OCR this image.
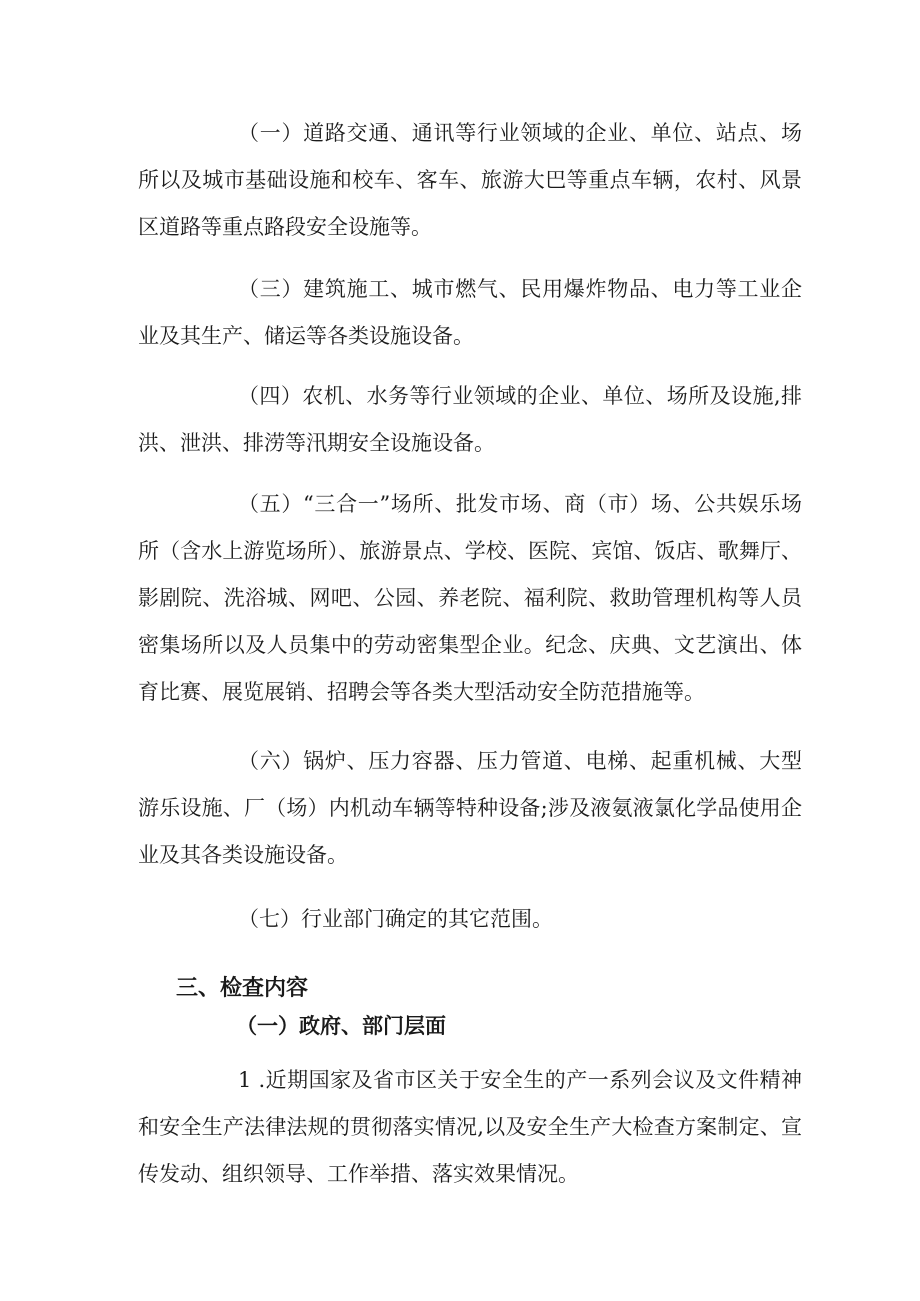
（一）道路交通、通讯等行业领域的企业、单位、站点、场所以及城市基础设施和校车、客车、旅游大巴等重点车辆，农村、风景区道路等重点路段安全设施等。

（三）建筑施工、城市燃气、民用爆炸物品、电力等工业企业及其生产、储运等各类设施设备。

（四）农机、水务等行业领域的企业、单位、场所及设施,排洪、泄洪、排涝等汛期安全设施设备。

（五）“三合一”场所、批发市场、商（市）场、公共娱乐场所（含水上游览场所）、旅游景点、学校、医院、宾馆、饭店、歌舞厅、影剧院、洗浴城、网吧、公园、养老院、福利院、救助管理机构等人员密集场所以及人员集中的劳动密集型企业。纪念、庆典、文艺演出、体育比赛、展览展销、招聘会等各类大型活动安全防范措施等。

（六）锅炉、压力容器、压力管道、电梯、起重机械、大型游乐设施、厂（场）内机动车辆等特种设备;涉及液氨液氯化学品使用企业及其各类设施设备。

（七）行业部门确定的其它范围。

三、检查内容
（一）政府、部门层面

1 .近期国家及省市区关于安全生的产一系列会议及文件精神和安全生产法律法规的贯彻落实情况,以及安全生产大检查方案制定、宣传发动、组织领导、工作举措、落实效果情况。
